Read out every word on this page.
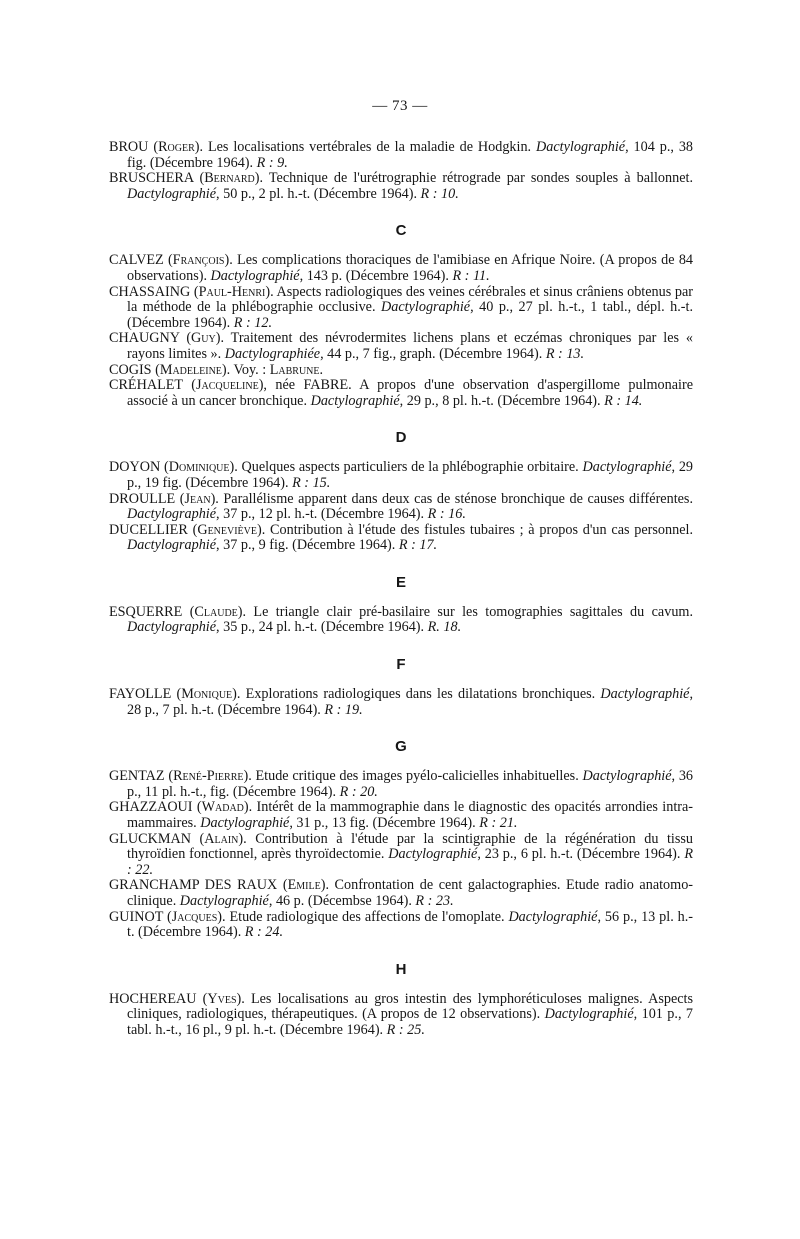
— 73 —

BROU (Roger). Les localisations vertébrales de la maladie de Hodgkin. Dactylographié, 104 p., 38 fig. (Décembre 1964). R : 9.

BRUSCHERA (Bernard). Technique de l'urétrographie rétrograde par sondes souples à ballonnet. Dactylographié, 50 p., 2 pl. h.-t. (Décembre 1964). R : 10.

C

CALVEZ (François). Les complications thoraciques de l'amibiase en Afrique Noire. (A propos de 84 observations). Dactylographié, 143 p. (Décembre 1964). R : 11.

CHASSAING (Paul-Henri). Aspects radiologiques des veines cérébrales et sinus crâniens obtenus par la méthode de la phlébographie occlusive. Dactylographié, 40 p., 27 pl. h.-t., 1 tabl., dépl. h.-t. (Décembre 1964). R : 12.

CHAUGNY (Guy). Traitement des névrodermites lichens plans et eczémas chroniques par les « rayons limites ». Dactylographiée, 44 p., 7 fig., graph. (Décembre 1964). R : 13.

COGIS (Madeleine). Voy. : Labrune.

CRÉHALET (Jacqueline), née FABRE. A propos d'une observation d'aspergillome pulmonaire associé à un cancer bronchique. Dactylographié, 29 p., 8 pl. h.-t. (Décembre 1964). R : 14.

D

DOYON (Dominique). Quelques aspects particuliers de la phlébographie orbitaire. Dactylographié, 29 p., 19 fig. (Décembre 1964). R : 15.

DROULLE (Jean). Parallélisme apparent dans deux cas de sténose bronchique de causes différentes. Dactylographié, 37 p., 12 pl. h.-t. (Décembre 1964). R : 16.

DUCELLIER (Geneviève). Contribution à l'étude des fistules tubaires ; à propos d'un cas personnel. Dactylographié, 37 p., 9 fig. (Décembre 1964). R : 17.

E

ESQUERRE (Claude). Le triangle clair pré-basilaire sur les tomographies sagittales du cavum. Dactylographié, 35 p., 24 pl. h.-t. (Décembre 1964). R. 18.

F

FAYOLLE (Monique). Explorations radiologiques dans les dilatations bronchiques. Dactylographié, 28 p., 7 pl. h.-t. (Décembre 1964). R : 19.

G

GENTAZ (René-Pierre). Etude critique des images pyélo-calicielles inhabituelles. Dactylographié, 36 p., 11 pl. h.-t., fig. (Décembre 1964). R : 20.

GHAZZAOUI (Wadad). Intérêt de la mammographie dans le diagnostic des opacités arrondies intra-mammaires. Dactylographié, 31 p., 13 fig. (Décembre 1964). R : 21.

GLUCKMAN (Alain). Contribution à l'étude par la scintigraphie de la régénération du tissu thyroïdien fonctionnel, après thyroïdectomie. Dactylographié, 23 p., 6 pl. h.-t. (Décembre 1964). R : 22.

GRANCHAMP DES RAUX (Emile). Confrontation de cent galactographies. Etude radio anatomo-clinique. Dactylographié, 46 p. (Décembse 1964). R : 23.

GUINOT (Jacques). Etude radiologique des affections de l'omoplate. Dactylographié, 56 p., 13 pl. h.-t. (Décembre 1964). R : 24.

H

HOCHEREAU (Yves). Les localisations au gros intestin des lymphoréticuloses malignes. Aspects cliniques, radiologiques, thérapeutiques. (A propos de 12 observations). Dactylographié, 101 p., 7 tabl. h.-t., 16 pl., 9 pl. h.-t. (Décembre 1964). R : 25.
